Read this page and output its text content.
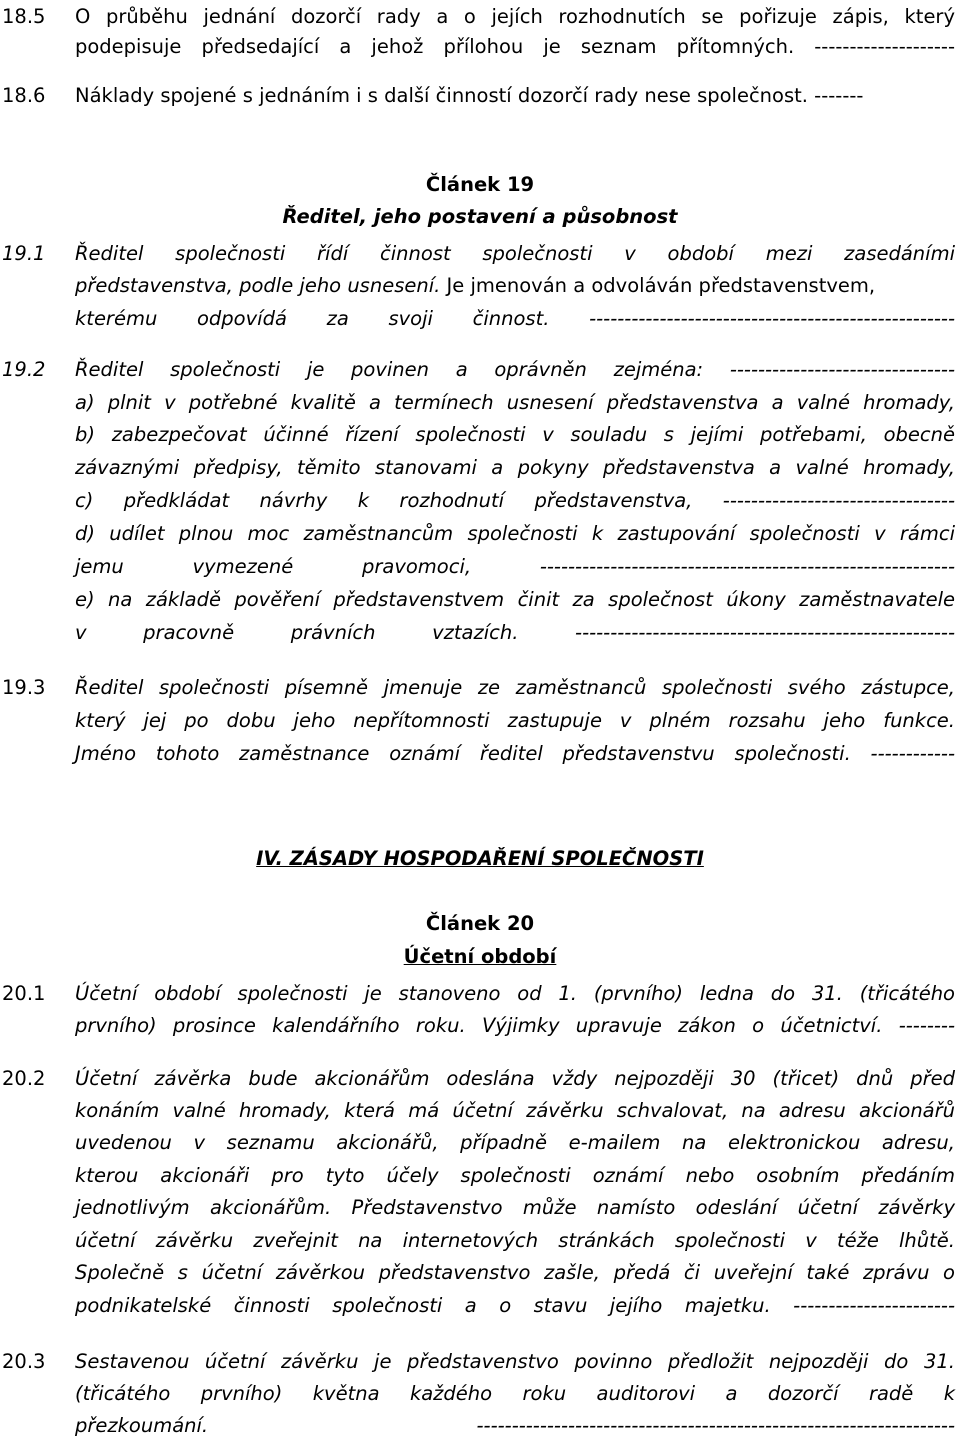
18.5 O průběhu jednání dozorčí rady a o jejích rozhodnutích se pořizuje zápis, který
podepisuje předsedající a jehož přílohou je seznam přítomných. --------------------
18.6 Náklady spojené s jednáním i s další činností dozorčí rady nese společnost. -------
Článek 19
Ředitel, jeho postavení a působnost
19.1 Ředitel společnosti řídí činnost společnosti v období mezi zasedáními
představenstva, podle jeho usnesení. Je jmenován a odvoláván představenstvem,
kterému odpovídá za svoji činnost. ----------------------------------------------------
19.2 Ředitel společnosti je povinen a oprávněn zejména: --------------------------------
a) plnit v potřebné kvalitě a termínech usnesení představenstva a valné hromady,
b) zabezpečovat účinné řízení společnosti v souladu s jejími potřebami, obecně
závaznými předpisy, těmito stanovami a pokyny představenstva a valné hromady,
c) předkládat návrhy k rozhodnutí představenstva, ---------------------------------
d) udílet plnou moc zaměstnancům společnosti k zastupování společnosti v rámci
jemu vymezené pravomoci, -----------------------------------------------------------
e) na základě pověření představenstvem činit za společnost úkony zaměstnavatele
v pracovně právních vztazích. ------------------------------------------------------
19.3 Ředitel společnosti písemně jmenuje ze zaměstnanců společnosti svého zástupce,
který jej po dobu jeho nepřítomnosti zastupuje v plném rozsahu jeho funkce.
Jméno tohoto zaměstnance oznámí ředitel představenstvu společnosti. ------------
IV. ZÁSADY HOSPODAŘENÍ SPOLEČNOSTI
Článek 20
Účetní období
20.1 Účetní období společnosti je stanoveno od 1. (prvního) ledna do 31. (třicátého
prvního) prosince kalendářního roku. Výjimky upravuje zákon o účetnictví. --------
20.2 Účetní závěrka bude akcionářům odeslána vždy nejpozději 30 (třicet) dnů před
konáním valné hromady, která má účetní závěrku schvalovat, na adresu akcionářů
uvedenou v seznamu akcionářů, případně e-mailem na elektronickou adresu,
kterou akcionáři pro tyto účely společnosti oznámí nebo osobním předáním
jednotlivým akcionářům. Představenstvo může namísto odeslání účetní závěrky
účetní závěrku zveřejnit na internetových stránkách společnosti v téže lhůtě.
Společně s účetní závěrkou představenstvo zašle, předá či uveřejní také zprávu o
podnikatelské činnosti společnosti a o stavu jejího majetku. -----------------------
20.3 Sestavenou účetní závěrku je představenstvo povinno předložit nejpozději do 31.
(třicátého prvního) května každého roku auditorovi a dozorčí radě k
přezkoumání. --------------------------------------------------------------------
